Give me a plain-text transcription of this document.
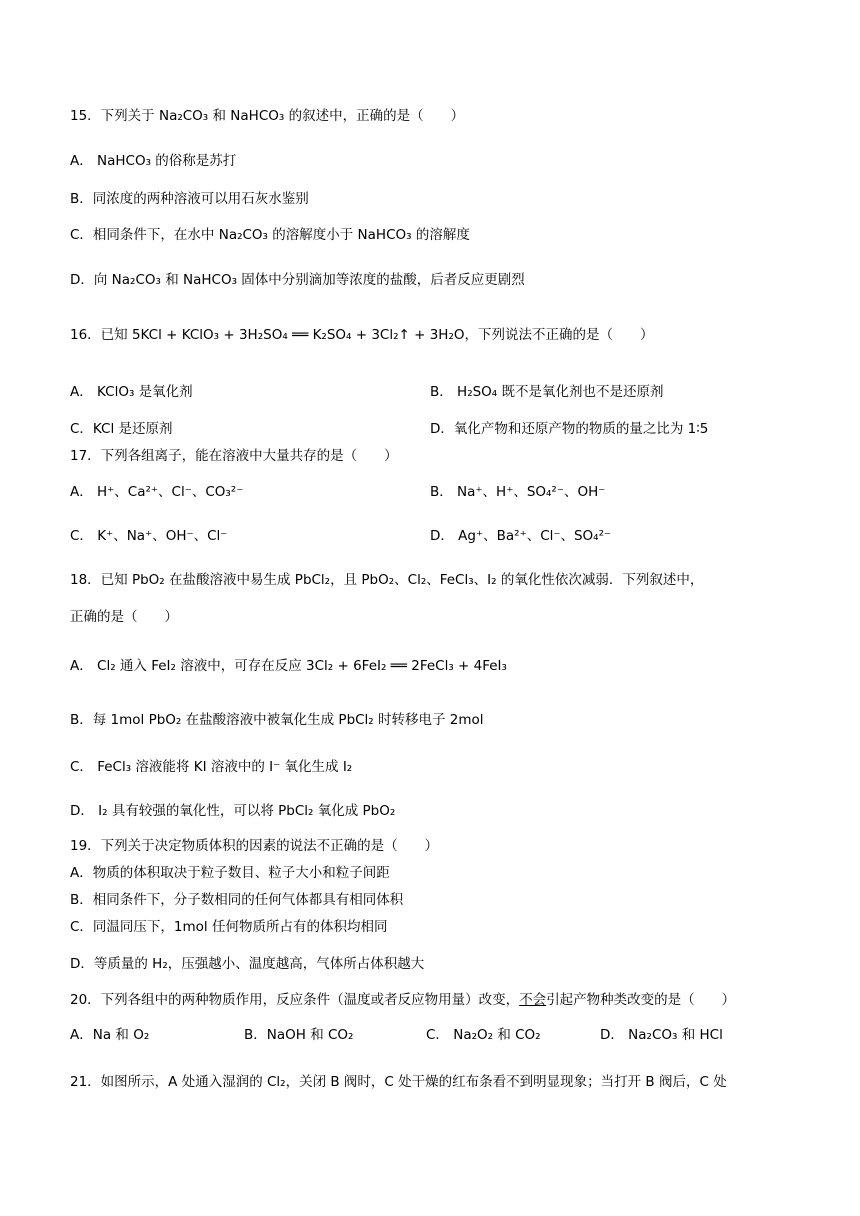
15．下列关于 Na₂CO₃ 和 NaHCO₃ 的叙述中，正确的是（　　）
A． NaHCO₃ 的俗称是苏打
B．同浓度的两种溶液可以用石灰水鉴别
C．相同条件下，在水中 Na₂CO₃ 的溶解度小于 NaHCO₃ 的溶解度
D．向 Na₂CO₃ 和 NaHCO₃ 固体中分别滴加等浓度的盐酸，后者反应更剧烈
16．已知 5KCl + KClO₃ + 3H₂SO₄ ══ K₂SO₄ + 3Cl₂↑ + 3H₂O，下列说法不正确的是（　　）
A． KClO₃ 是氧化剂	B． H₂SO₄ 既不是氧化剂也不是还原剂
C．KCl 是还原剂	D．氧化产物和还原产物的物质的量之比为 1∶5
17．下列各组离子，能在溶液中大量共存的是（　　）
A． H⁺、Ca²⁺、Cl⁻、CO₃²⁻	B． Na⁺、H⁺、SO₄²⁻、OH⁻
C． K⁺、Na⁺、OH⁻、Cl⁻	D． Ag⁺、Ba²⁺、Cl⁻、SO₄²⁻
18．已知 PbO₂ 在盐酸溶液中易生成 PbCl₂，且 PbO₂、Cl₂、FeCl₃、I₂ 的氧化性依次减弱．下列叙述中，
正确的是（　　）
A． Cl₂ 通入 FeI₂ 溶液中，可存在反应 3Cl₂ + 6FeI₂ ══ 2FeCl₃ + 4FeI₃
B．每 1mol PbO₂ 在盐酸溶液中被氧化生成 PbCl₂ 时转移电子 2mol
C． FeCl₃ 溶液能将 KI 溶液中的 I⁻ 氧化生成 I₂
D． I₂ 具有较强的氧化性，可以将 PbCl₂ 氧化成 PbO₂
19．下列关于决定物质体积的因素的说法不正确的是（　　）
A．物质的体积取决于粒子数目、粒子大小和粒子间距
B．相同条件下，分子数相同的任何气体都具有相同体积
C．同温同压下，1mol 任何物质所占有的体积均相同
D．等质量的 H₂，压强越小、温度越高，气体所占体积越大
20．下列各组中的两种物质作用，反应条件（温度或者反应物用量）改变，不会引起产物种类改变的是（　　）
A．Na 和 O₂	B．NaOH 和 CO₂	C． Na₂O₂ 和 CO₂	D． Na₂CO₃ 和 HCl
21．如图所示，A 处通入湿润的 Cl₂，关闭 B 阀时，C 处干燥的红布条看不到明显现象；当打开 B 阀后，C 处
